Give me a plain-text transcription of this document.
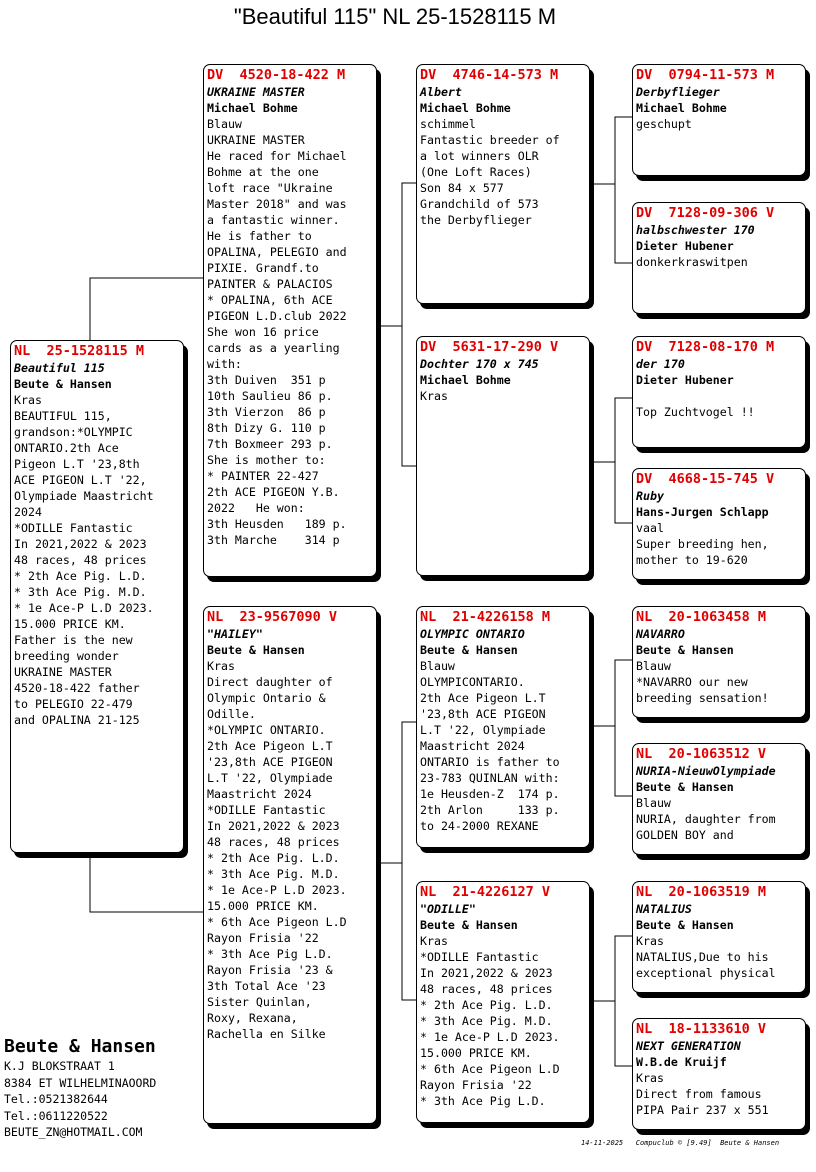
"Beautiful 115" NL 25-1528115 M
NL  25-1528115 M
Beautiful 115
Beute & Hansen
Kras
BEAUTIFUL 115,
grandson:*OLYMPIC
ONTARIO.2th Ace
Pigeon L.T '23,8th
ACE PIGEON L.T '22,
Olympiade Maastricht
2024
*ODILLE Fantastic
In 2021,2022 & 2023
48 races, 48 prices
* 2th Ace Pig. L.D.
* 3th Ace Pig. M.D.
* 1e Ace-P L.D 2023.
15.000 PRICE KM.
Father is the new
breeding wonder
UKRAINE MASTER
4520-18-422 father
to PELEGIO 22-479
and OPALINA 21-125
DV  4520-18-422 M
UKRAINE MASTER
Michael Bohme
Blauw
UKRAINE MASTER
He raced for Michael
Bohme at the one
loft race "Ukraine
Master 2018" and was
a fantastic winner.
He is father to
OPALINA, PELEGIO and
PIXIE. Grandf.to
PAINTER & PALACIOS
* OPALINA, 6th ACE
PIGEON L.D.club 2022
She won 16 price
cards as a yearling
with:
3th Duiven  351 p
10th Saulieu 86 p.
3th Vierzon  86 p
8th Dizy G. 110 p
7th Boxmeer 293 p.
She is mother to:
* PAINTER 22-427
2th ACE PIGEON Y.B.
2022   He won:
3th Heusden   189 p.
3th Marche    314 p
NL  23-9567090 V
"HAILEY"
Beute & Hansen
Kras
Direct daughter of
Olympic Ontario &
Odille.
*OLYMPIC ONTARIO.
2th Ace Pigeon L.T
'23,8th ACE PIGEON
L.T '22, Olympiade
Maastricht 2024
*ODILLE Fantastic
In 2021,2022 & 2023
48 races, 48 prices
* 2th Ace Pig. L.D.
* 3th Ace Pig. M.D.
* 1e Ace-P L.D 2023.
15.000 PRICE KM.
* 6th Ace Pigeon L.D
Rayon Frisia '22
* 3th Ace Pig L.D.
Rayon Frisia '23 &
3th Total Ace '23
Sister Quinlan,
Roxy, Rexana,
Rachella en Silke
DV  4746-14-573 M
Albert
Michael Bohme
schimmel
Fantastic breeder of
a lot winners OLR
(One Loft Races)
Son 84 x 577
Grandchild of 573
the Derbyflieger
DV  5631-17-290 V
Dochter 170 x 745
Michael Bohme
Kras
NL  21-4226158 M
OLYMPIC ONTARIO
Beute & Hansen
Blauw
OLYMPICONTARIO.
2th Ace Pigeon L.T
'23,8th ACE PIGEON
L.T '22, Olympiade
Maastricht 2024
ONTARIO is father to
23-783 QUINLAN with:
1e Heusden-Z  174 p.
2th Arlon     133 p.
to 24-2000 REXANE
NL  21-4226127 V
"ODILLE"
Beute & Hansen
Kras
*ODILLE Fantastic
In 2021,2022 & 2023
48 races, 48 prices
* 2th Ace Pig. L.D.
* 3th Ace Pig. M.D.
* 1e Ace-P L.D 2023.
15.000 PRICE KM.
* 6th Ace Pigeon L.D
Rayon Frisia '22
* 3th Ace Pig L.D.
DV  0794-11-573 M
Derbyflieger
Michael Bohme
geschupt
DV  7128-09-306 V
halbschwester 170
Dieter Hubener
donkerkraswitpen
DV  7128-08-170 M
der 170
Dieter Hubener

Top Zuchtvogel !!
DV  4668-15-745 V
Ruby
Hans-Jurgen Schlapp
vaal
Super breeding hen,
mother to 19-620
NL  20-1063458 M
NAVARRO
Beute & Hansen
Blauw
*NAVARRO our new
breeding sensation!
NL  20-1063512 V
NURIA-NieuwOlympiade
Beute & Hansen
Blauw
NURIA, daughter from
GOLDEN BOY and
NL  20-1063519 M
NATALIUS
Beute & Hansen
Kras
NATALIUS,Due to his
exceptional physical
NL  18-1133610 V
NEXT GENERATION
W.B.de Kruijf
Kras
Direct from famous
PIPA Pair 237 x 551
Beute & Hansen
K.J BLOKSTRAAT 1
8384 ET WILHELMINAOORD
Tel.:0521382644
Tel.:0611220522
BEUTE_ZN@HOTMAIL.COM
14-11-2025   Compuclub © [9.49]  Beute & Hansen
